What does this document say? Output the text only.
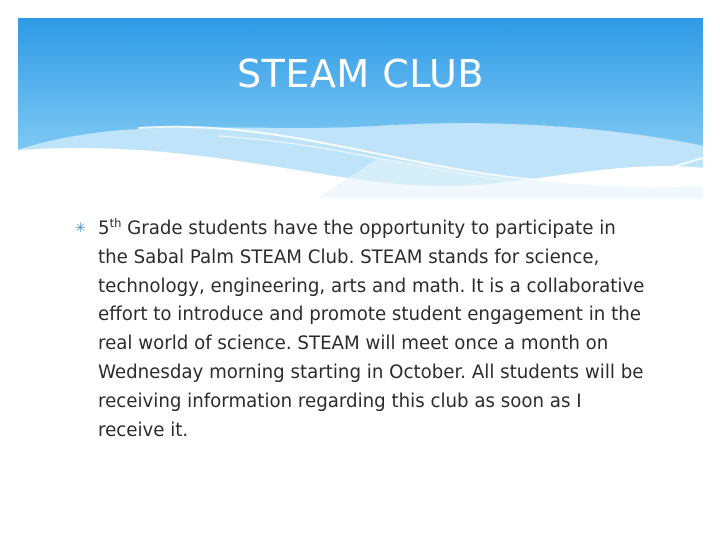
STEAM CLUB
✳ 5th Grade students have the opportunity to participate in the Sabal Palm STEAM Club. STEAM stands for science, technology, engineering, arts and math. It is a collaborative effort to introduce and promote student engagement in the real world of science. STEAM will meet once a month on Wednesday morning starting in October. All students will be receiving information regarding this club as soon as I receive it.
